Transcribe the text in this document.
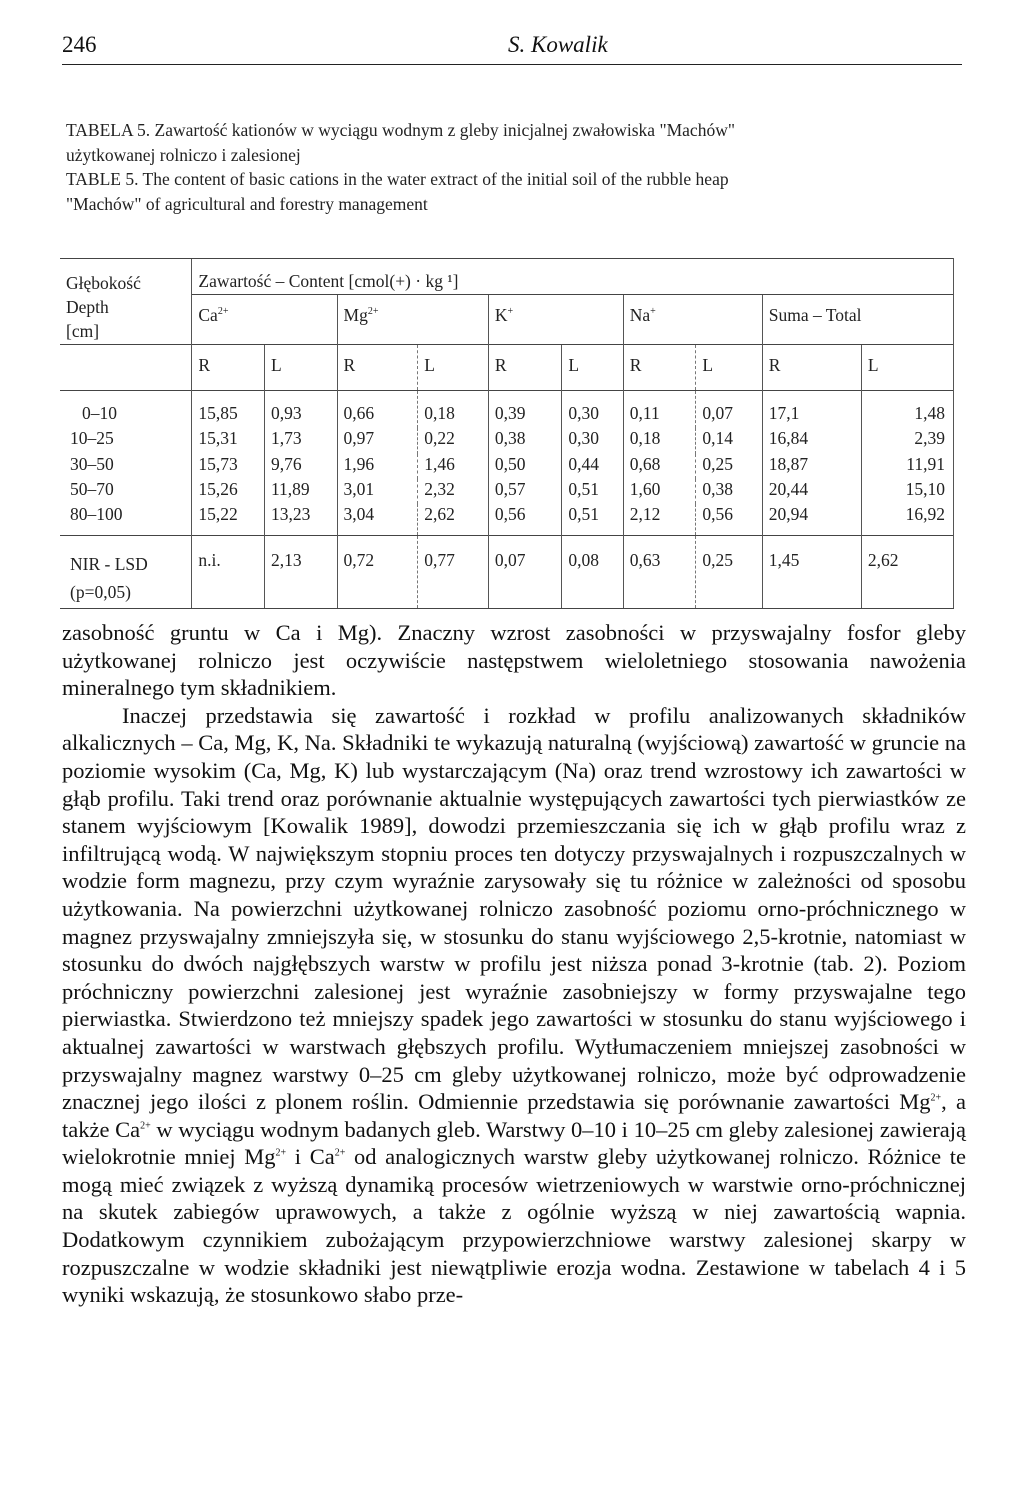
246	S. Kowalik

TABELA 5. Zawartość kationów w wyciągu wodnym z gleby inicjalnej zwałowiska "Machów"

użytkowanej rolniczo i zalesionej

TABLE 5. The content of basic cations in the water extract of the initial soil of the rubble heap

"Machów" of agricultural and forestry management

Głębokość
Depth
[cm]	Zawartość – Content [cmol(+) · kg ¹]									
	$Ca^{2+}$		$Mg^{2+}$		K+		Na+		Suma – Total	
	R	L	R	L	R	L	R	L	R	L
0–10	15,85	0,93	0,66	0,18	0,39	0,30	0,11	0,07	17,1	1,48
10–25	15,31	1,73	0,97	0,22	0,38	0,30	0,18	0,14	16,84	2,39
30–50	15,73	9,76	1,96	1,46	0,50	0,44	0,68	0,25	18,87	11,91
50–70	15,26	11,89	3,01	2,32	0,57	0,51	1,60	0,38	20,44	15,10
80–100	15,22	13,23	3,04	2,62	0,56	0,51	2,12	0,56	20,94	16,92

NIR - LSD
(p=0,05)	n.i.	2,13	0,72	0,77	0,07	0,08	0,63	0,25	1,45	2,62

zasobność gruntu w Ca i Mg). Znaczny wzrost zasobności w przyswajalny fosfor gleby użytkowanej rolniczo jest oczywiście następstwem wieloletniego stosowania nawożenia mineralnego tym składnikiem.

Inaczej przedstawia się zawartość i rozkład w profilu analizowanych składników alkalicznych – Ca, Mg, K, Na. Składniki te wykazują naturalną (wyjściową) zawartość w gruncie na poziomie wysokim (Ca, Mg, K) lub wystarczającym (Na) oraz trend wzrostowy ich zawartości w głąb profilu. Taki trend oraz porównanie aktualnie występujących zawartości tych pierwiastków ze stanem wyjściowym [Kowalik 1989], dowodzi przemieszczania się ich w głąb profilu wraz z infiltrującą wodą. W największym stopniu proces ten dotyczy przyswajalnych i rozpuszczalnych w wodzie form magnezu, przy czym wyraźnie zarysowały się tu różnice w zależności od sposobu użytkowania. Na powierzchni użytkowanej rolniczo zasobność poziomu orno-próchnicznego w magnez przyswajalny zmniejszyła się, w stosunku do stanu wyjściowego 2,5-krotnie, natomiast w stosunku do dwóch najgłębszych warstw w profilu jest niższa ponad 3-krotnie (tab. 2). Poziom próchniczny powierzchni zalesionej jest wyraźnie zasobniejszy w formy przyswajalne tego pierwiastka. Stwierdzono też mniejszy spadek jego zawartości w stosunku do stanu wyjściowego i aktualnej zawartości w warstwach głębszych profilu. Wytłumaczeniem mniejszej zasobności w przyswajalny magnez warstwy 0–25 cm gleby użytkowanej rolniczo, może być odprowadzenie znacznej jego ilości z plonem roślin. Odmiennie przedstawia się porównanie zawartości $Mg^{2+}$, a także $Ca^{2+}$ w wyciągu wodnym badanych gleb. Warstwy 0–10 i 10–25 cm gleby zalesionej zawierają wielokrotnie mniej $Mg^{2+}$ i $Ca^{2+}$ od analogicznych warstw gleby użytkowanej rolniczo. Różnice te mogą mieć związek z wyższą dynamiką procesów wietrzeniowych w warstwie orno-próchnicznej na skutek zabiegów uprawowych, a także z ogólnie wyższą w niej zawartością wapnia. Dodatkowym czynnikiem zubożającym przypowierzchniowe warstwy zalesionej skarpy w rozpuszczalne w wodzie składniki jest niewątpliwie erozja wodna. Zestawione w tabelach 4 i 5 wyniki wskazują, że stosunkowo słabo prze-
